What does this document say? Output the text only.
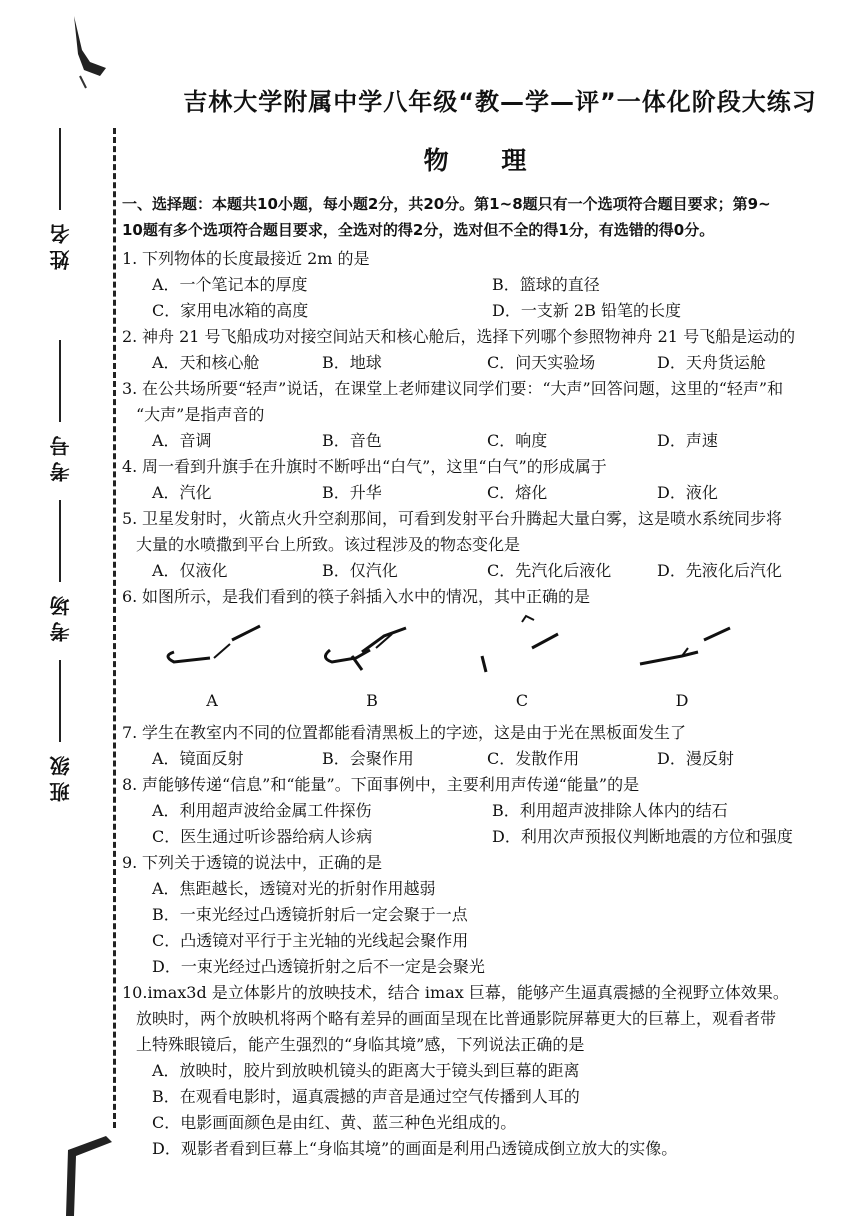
姓名
考号
考场
班级
吉林大学附属中学八年级“教—学—评”一体化阶段大练习
物 理
一、选择题：本题共10小题，每小题2分，共20分。第1~8题只有一个选项符合题目要求；第9~
10题有多个选项符合题目要求，全选对的得2分，选对但不全的得1分，有选错的得0分。
1. 下列物体的长度最接近 2m 的是
A．一个笔记本的厚度	B．篮球的直径
C．家用电冰箱的高度	D．一支新 2B 铅笔的长度
2. 神舟 21 号飞船成功对接空间站天和核心舱后，选择下列哪个参照物神舟 21 号飞船是运动的
A．天和核心舱	B．地球	C．问天实验场	D．天舟货运舱
3. 在公共场所要“轻声”说话，在课堂上老师建议同学们要：“大声”回答问题，这里的“轻声”和
“大声”是指声音的
A．音调	B．音色	C．响度	D．声速
4. 周一看到升旗手在升旗时不断呼出“白气”，这里“白气”的形成属于
A．汽化	B．升华	C．熔化	D．液化
5. 卫星发射时，火箭点火升空刹那间，可看到发射平台升腾起大量白雾，这是喷水系统同步将
大量的水喷撒到平台上所致。该过程涉及的物态变化是
A．仅液化	B．仅汽化	C．先汽化后液化	D．先液化后汽化
6. 如图所示，是我们看到的筷子斜插入水中的情况，其中正确的是
A	B	C	D
7. 学生在教室内不同的位置都能看清黑板上的字迹，这是由于光在黑板面发生了
A．镜面反射	B．会聚作用	C．发散作用	D．漫反射
8. 声能够传递“信息”和“能量”。下面事例中，主要利用声传递“能量”的是
A．利用超声波给金属工件探伤	B．利用超声波排除人体内的结石
C．医生通过听诊器给病人诊病	D．利用次声预报仪判断地震的方位和强度
9. 下列关于透镜的说法中，正确的是
A．焦距越长，透镜对光的折射作用越弱
B．一束光经过凸透镜折射后一定会聚于一点
C．凸透镜对平行于主光轴的光线起会聚作用
D．一束光经过凸透镜折射之后不一定是会聚光
10.imax3d 是立体影片的放映技术，结合 imax 巨幕，能够产生逼真震撼的全视野立体效果。
放映时，两个放映机将两个略有差异的画面呈现在比普通影院屏幕更大的巨幕上，观看者带
上特殊眼镜后，能产生强烈的“身临其境”感，下列说法正确的是
A．放映时，胶片到放映机镜头的距离大于镜头到巨幕的距离
B．在观看电影时，逼真震撼的声音是通过空气传播到人耳的
C．电影画面颜色是由红、黄、蓝三种色光组成的。
D．观影者看到巨幕上“身临其境”的画面是利用凸透镜成倒立放大的实像。
